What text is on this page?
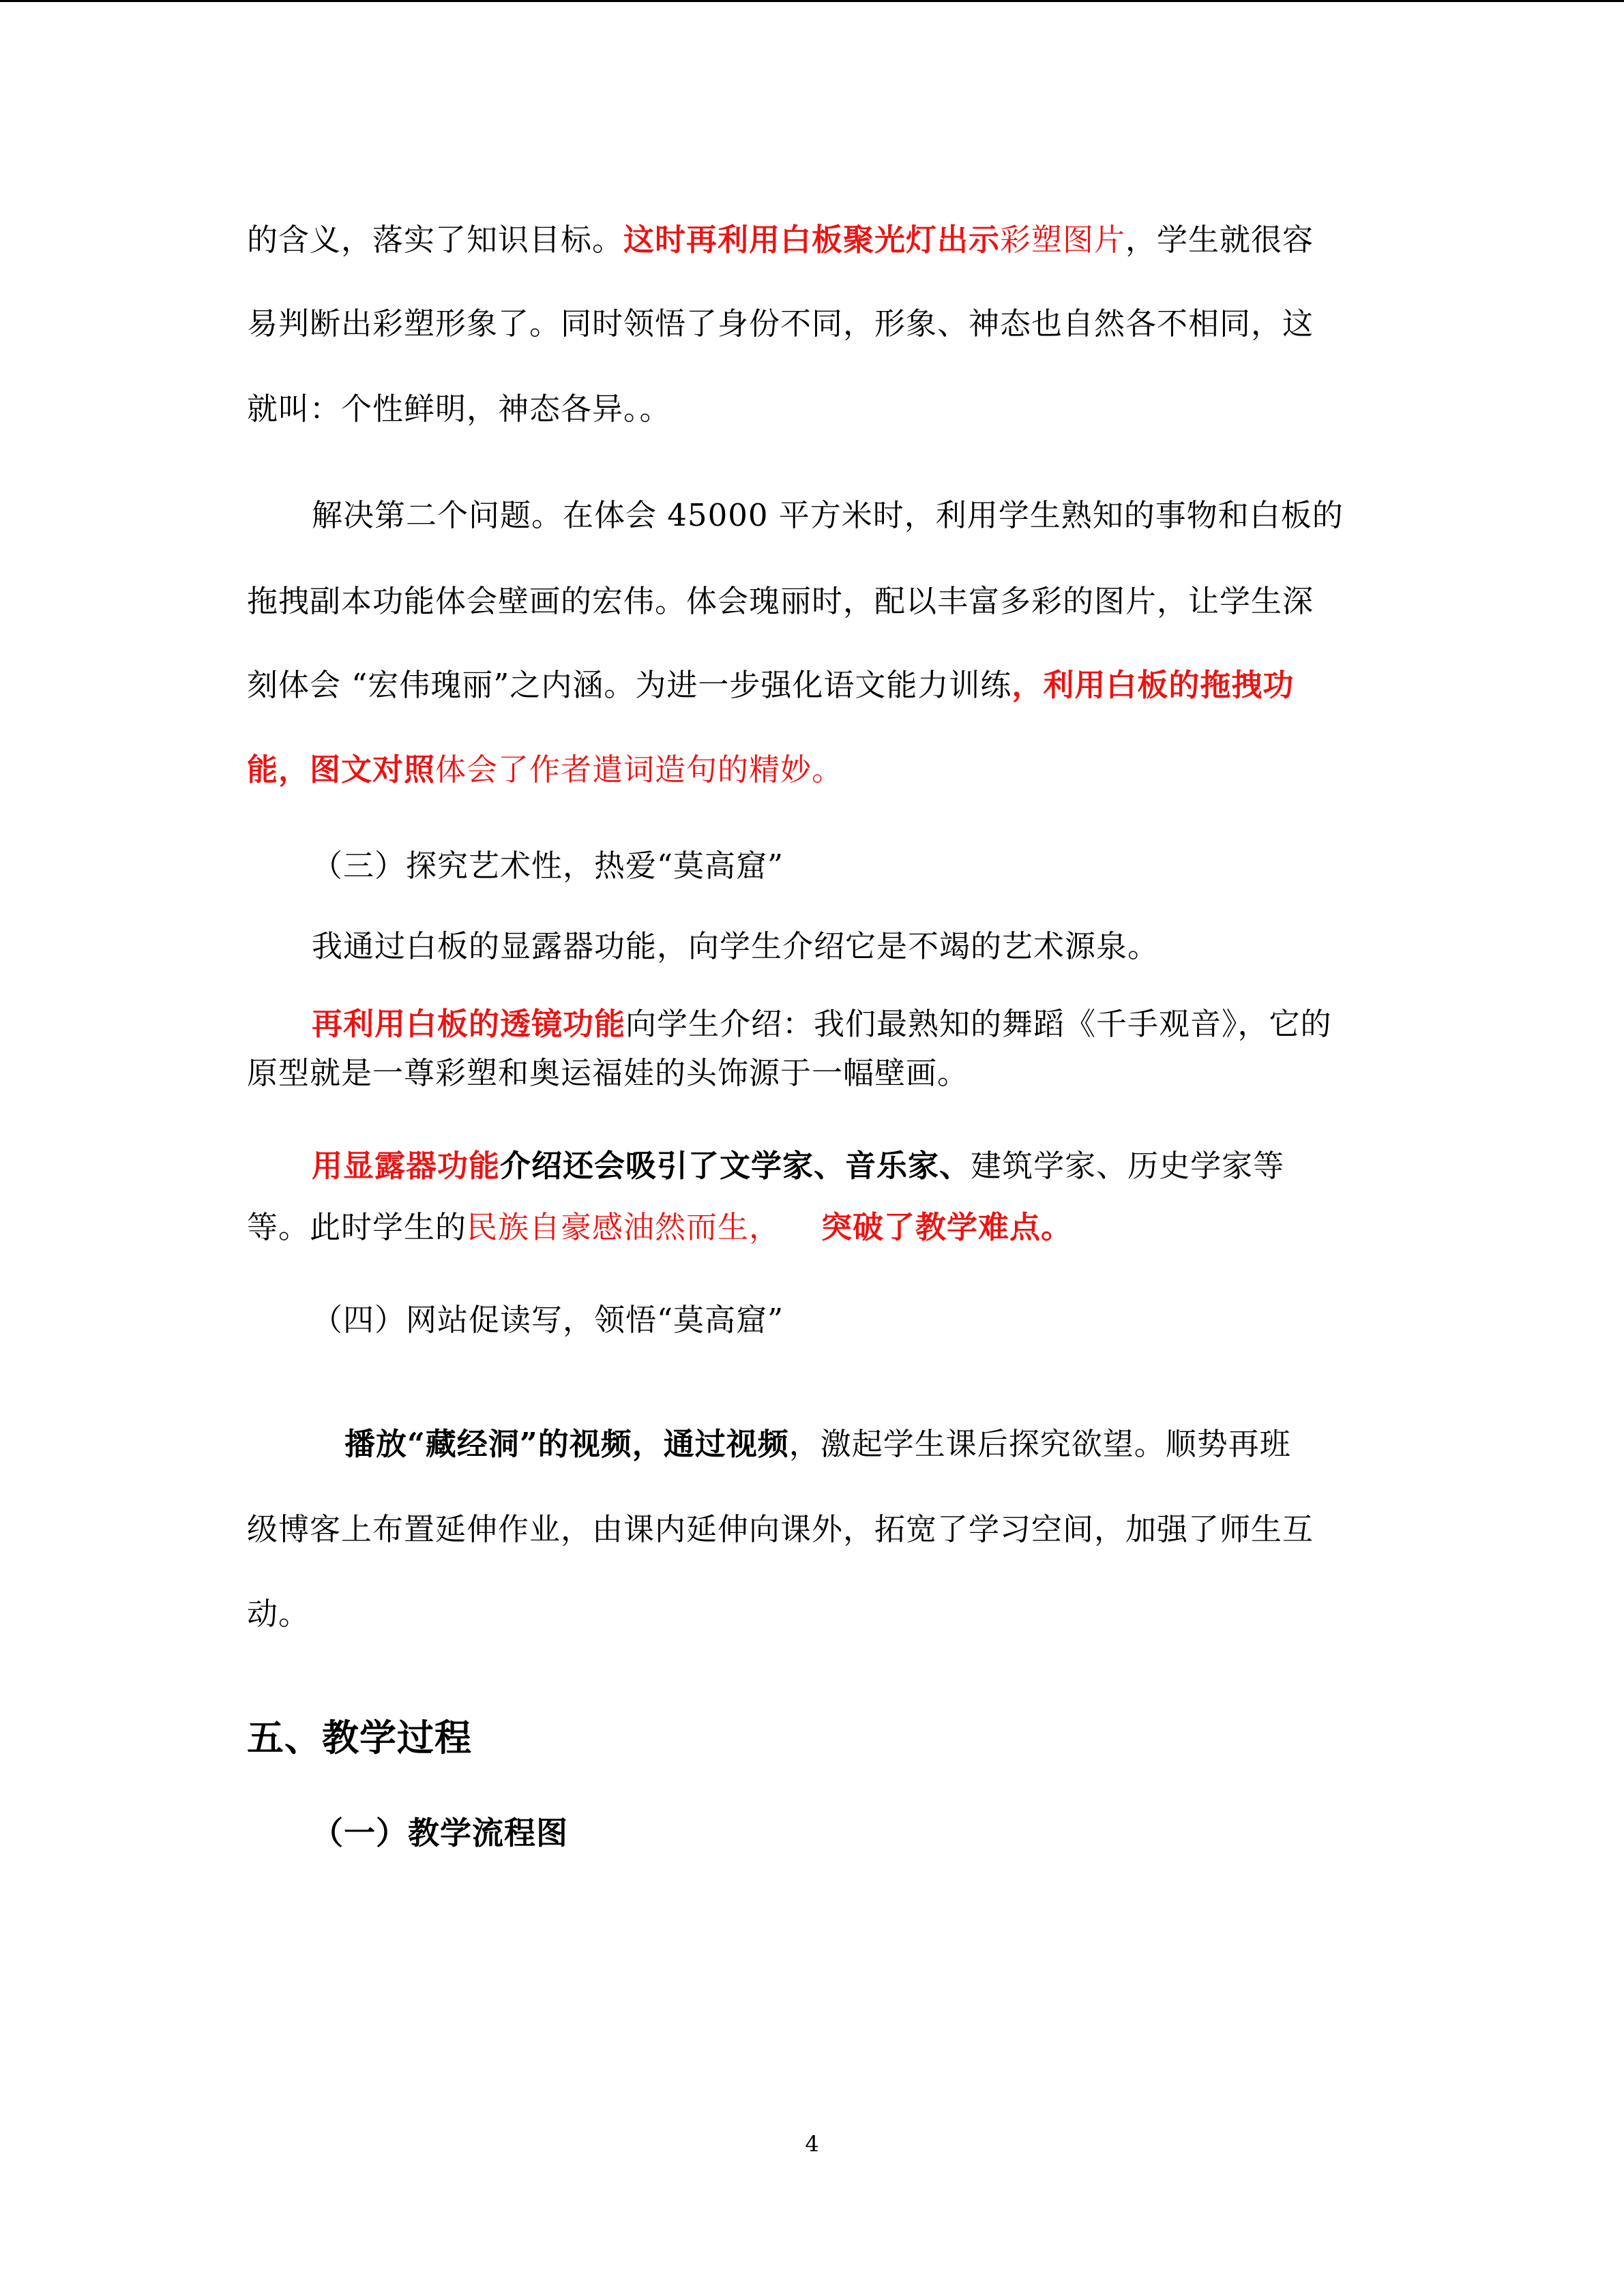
的含义，落实了知识目标。这时再利用白板聚光灯出示彩塑图片，学生就很容
易判断出彩塑形象了。同时领悟了身份不同，形象、神态也自然各不相同，这
就叫：个性鲜明，神态各异。。
解决第二个问题。在体会 45000 平方米时，利用学生熟知的事物和白板的
拖拽副本功能体会壁画的宏伟。体会瑰丽时，配以丰富多彩的图片，让学生深
刻体会 “宏伟瑰丽”之内涵。为进一步强化语文能力训练，利用白板的拖拽功
能，图文对照体会了作者遣词造句的精妙。
（三）探究艺术性，热爱“莫高窟”
我通过白板的显露器功能，向学生介绍它是不竭的艺术源泉。
再利用白板的透镜功能向学生介绍：我们最熟知的舞蹈《千手观音》，它的
原型就是一尊彩塑和奥运福娃的头饰源于一幅壁画。
用显露器功能介绍还会吸引了文学家、音乐家、建筑学家、历史学家等
等。此时学生的民族自豪感油然而生， 突破了教学难点。
（四）网站促读写，领悟“莫高窟”
播放“藏经洞”的视频，通过视频，激起学生课后探究欲望。顺势再班
级博客上布置延伸作业，由课内延伸向课外，拓宽了学习空间，加强了师生互
动。
五、教学过程
（一）教学流程图
4
